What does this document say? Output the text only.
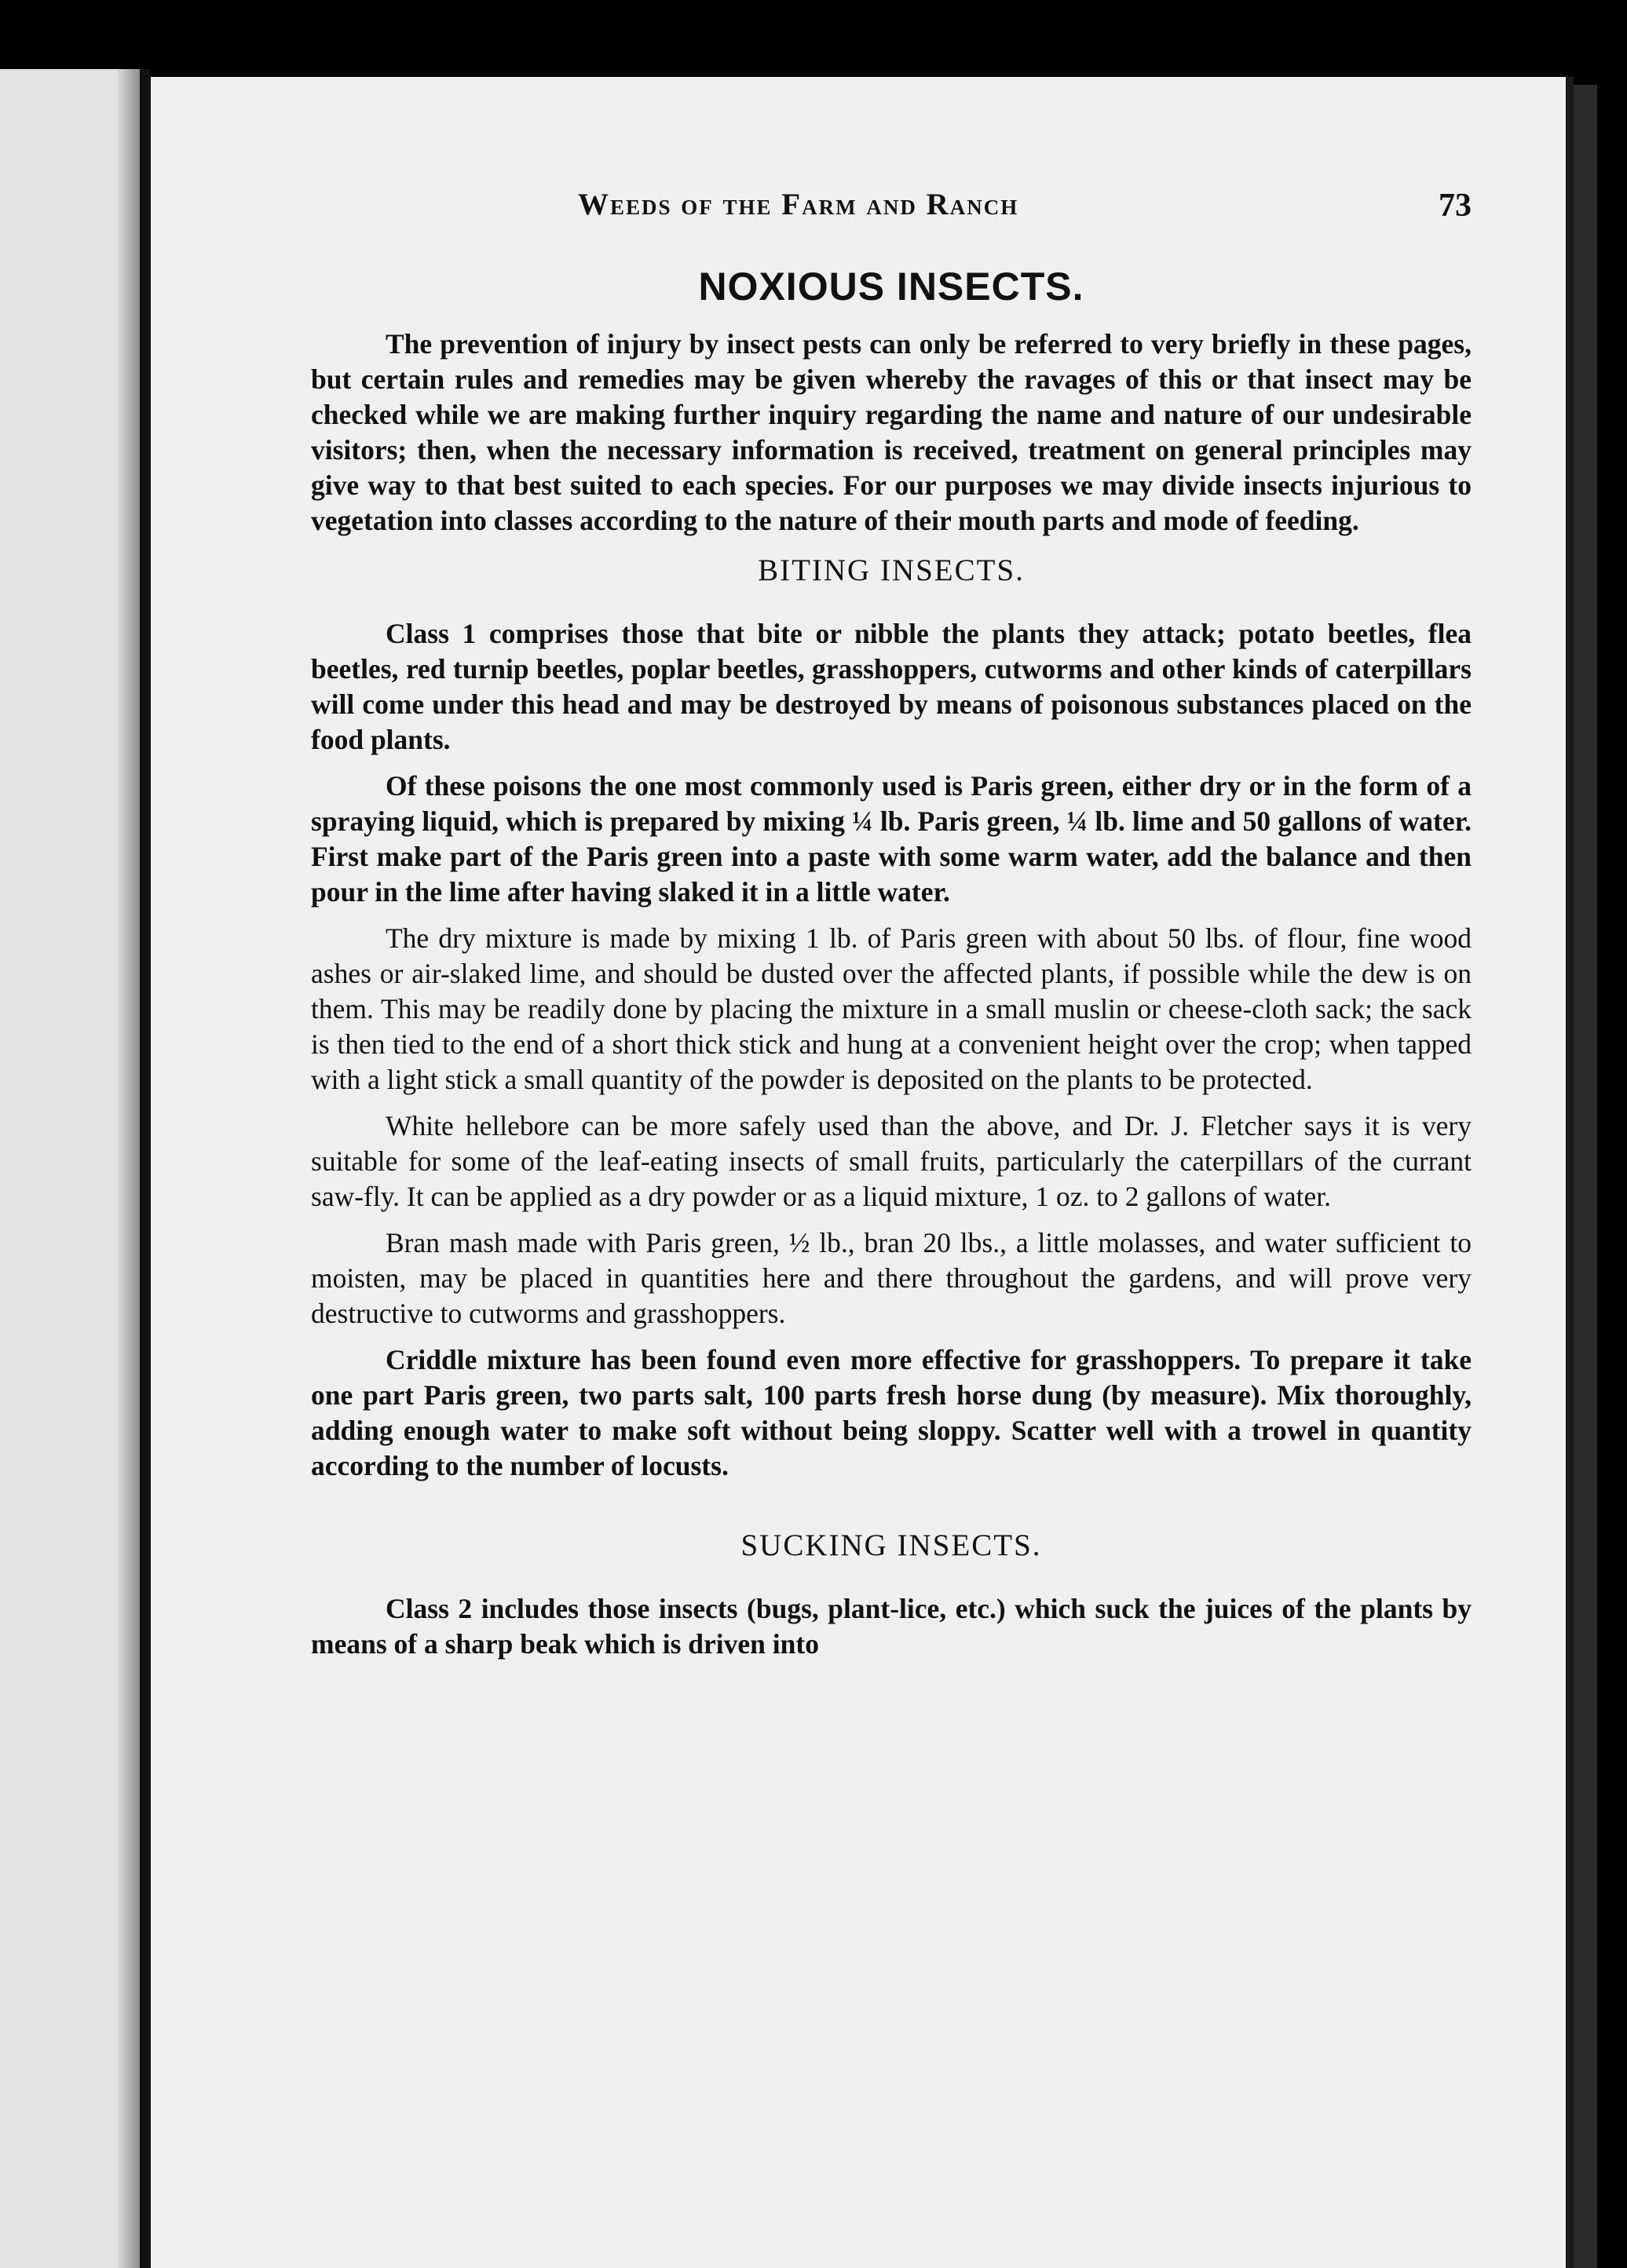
Weeds of the Farm and Ranch	73
NOXIOUS INSECTS.

The prevention of injury by insect pests can only be referred to very briefly in these pages, but certain rules and remedies may be given whereby the ravages of this or that insect may be checked while we are making further inquiry regarding the name and nature of our undesirable visitors; then, when the necessary information is received, treatment on general principles may give way to that best suited to each species. For our purposes we may divide insects injurious to vegetation into classes according to the nature of their mouth parts and mode of feeding.

BITING INSECTS.

Class 1 comprises those that bite or nibble the plants they attack; potato beetles, flea beetles, red turnip beetles, poplar beetles, grasshoppers, cutworms and other kinds of caterpillars will come under this head and may be destroyed by means of poisonous substances placed on the food plants.

Of these poisons the one most commonly used is Paris green, either dry or in the form of a spraying liquid, which is prepared by mixing ¼ lb. Paris green, ¼ lb. lime and 50 gallons of water. First make part of the Paris green into a paste with some warm water, add the balance and then pour in the lime after having slaked it in a little water.

The dry mixture is made by mixing 1 lb. of Paris green with about 50 lbs. of flour, fine wood ashes or air-slaked lime, and should be dusted over the affected plants, if possible while the dew is on them. This may be readily done by placing the mixture in a small muslin or cheese-cloth sack; the sack is then tied to the end of a short thick stick and hung at a convenient height over the crop; when tapped with a light stick a small quantity of the powder is deposited on the plants to be protected.

White hellebore can be more safely used than the above, and Dr. J. Fletcher says it is very suitable for some of the leaf-eating insects of small fruits, particularly the caterpillars of the currant saw-fly. It can be applied as a dry powder or as a liquid mixture, 1 oz. to 2 gallons of water.

Bran mash made with Paris green, ½ lb., bran 20 lbs., a little molasses, and water sufficient to moisten, may be placed in quantities here and there throughout the gardens, and will prove very destructive to cutworms and grasshoppers.

Criddle mixture has been found even more effective for grasshoppers. To prepare it take one part Paris green, two parts salt, 100 parts fresh horse dung (by measure). Mix thoroughly, adding enough water to make soft without being sloppy. Scatter well with a trowel in quantity according to the number of locusts.

SUCKING INSECTS.

Class 2 includes those insects (bugs, plant-lice, etc.) which suck the juices of the plants by means of a sharp beak which is driven into
